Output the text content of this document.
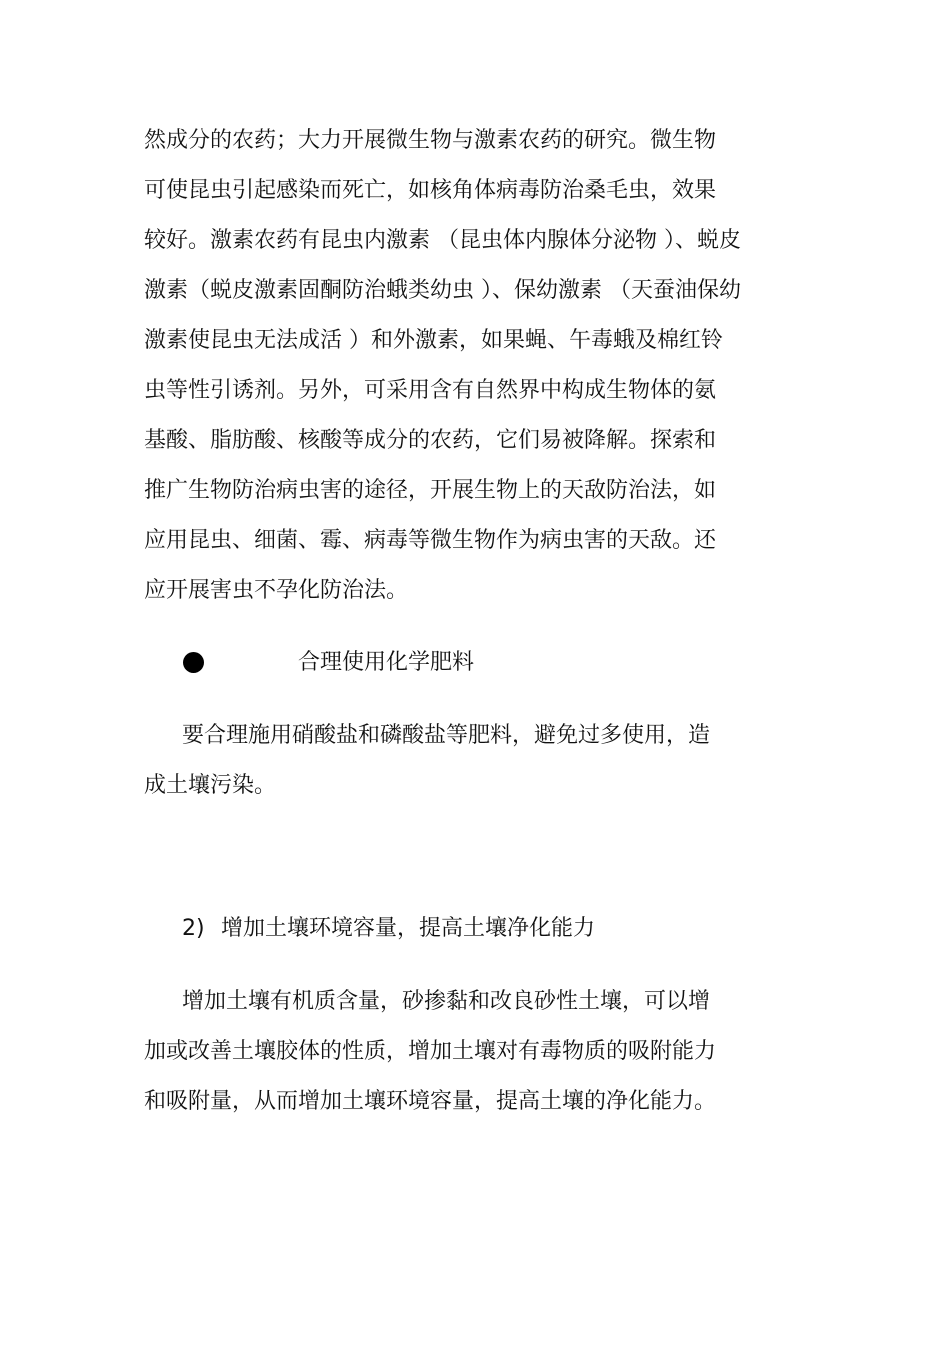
然成分的农药；大力开展微生物与激素农药的研究。微生物
可使昆虫引起感染而死亡，如核角体病毒防治桑毛虫，效果
较好。激素农药有昆虫内激素 （昆虫体内腺体分泌物 ）、蜕皮
激素（蜕皮激素固酮防治蛾类幼虫 ）、保幼激素 （天蚕油保幼
激素使昆虫无法成活 ）和外激素，如果蝇、午毒蛾及棉红铃
虫等性引诱剂。另外，可采用含有自然界中构成生物体的氨
基酸、脂肪酸、核酸等成分的农药，它们易被降解。探索和
推广生物防治病虫害的途径，开展生物上的天敌防治法，如
应用昆虫、细菌、霉、病毒等微生物作为病虫害的天敌。还
应开展害虫不孕化防治法。
合理使用化学肥料
要合理施用硝酸盐和磷酸盐等肥料，避免过多使用，造
成土壤污染。
2) 增加土壤环境容量，提高土壤净化能力
增加土壤有机质含量，砂掺黏和改良砂性土壤，可以增
加或改善土壤胶体的性质，增加土壤对有毒物质的吸附能力
和吸附量，从而增加土壤环境容量，提高土壤的净化能力。
